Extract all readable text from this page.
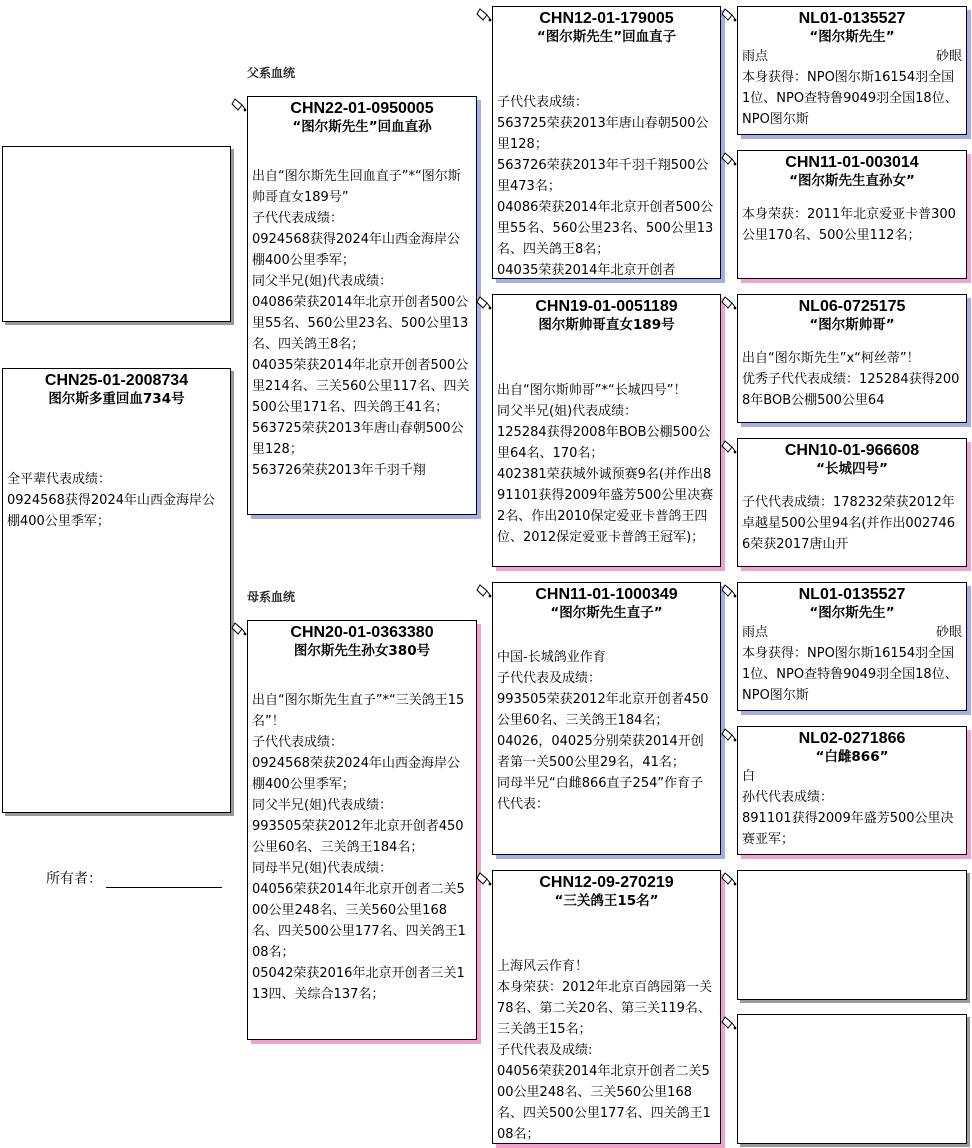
父系血统
母系血统
CHN25-01-2008734
图尔斯多重回血734号
全平辈代表成绩：
0924568获得2024年山西金海岸公棚400公里季军；
所有者：
CHN22-01-0950005
“图尔斯先生”回血直孙
出自“图尔斯先生回血直子”*“图尔斯帅哥直女189号”
子代代表成绩：
0924568获得2024年山西金海岸公棚400公里季军；
同父半兄(姐)代表成绩：
04086荣获2014年北京开创者500公里55名、560公里23名、500公里13名、四关鸽王8名；
04035荣获2014年北京开创者500公里214名、三关560公里117名、四关500公里171名、四关鸽王41名；
563725荣获2013年唐山春朝500公里128；
563726荣获2013年千羽千翔
CHN20-01-0363380
图尔斯先生孙女380号
出自“图尔斯先生直子”*“三关鸽王15名”！
子代代表成绩：
0924568荣获2024年山西金海岸公棚400公里季军；
同父半兄(姐)代表成绩：
993505荣获2012年北京开创者450公里60名、三关鸽王184名；
同母半兄(姐)代表成绩：
04056荣获2014年北京开创者二关500公里248名、三关560公里168名、四关500公里177名、四关鸽王108名；
05042荣获2016年北京开创者三关113四、关综合137名；
CHN12-01-179005
“图尔斯先生”回血直子
子代代表成绩：
563725荣获2013年唐山春朝500公里128；
563726荣获2013年千羽千翔500公里473名；
04086荣获2014年北京开创者500公里55名、560公里23名、500公里13名、四关鸽王8名；
04035荣获2014年北京开创者
CHN19-01-0051189
图尔斯帅哥直女189号
出自“图尔斯帅哥”*“长城四号”！
同父半兄(姐)代表成绩：
125284获得2008年BOB公棚500公里64名、170名；
402381荣获城外诚预赛9名(并作出891101获得2009年盛芳500公里决赛2名、作出2010保定爱亚卡普鸽王四位、2012保定爱亚卡普鸽王冠军)；
CHN11-01-1000349
“图尔斯先生直子”
中国-长城鸽业作育
子代代表及成绩：
993505荣获2012年北京开创者450公里60名、三关鸽王184名；
04026，04025分别荣获2014开创者第一关500公里29名，41名；
同母半兄“白雌866直子254”作育子代代表：
CHN12-09-270219
“三关鸽王15名”
上海风云作育！
本身荣获：2012年北京百鸽园第一关78名、第二关20名、第三关119名、三关鸽王15名；
子代代表及成绩:
04056荣获2014年北京开创者二关500公里248名、三关560公里168名、四关500公里177名、四关鸽王108名；
NL01-0135527
“图尔斯先生”
雨点	砂眼
本身获得：NPO图尔斯16154羽全国1位、NPO查特鲁9049羽全国18位、NPO图尔斯
CHN11-01-003014
“图尔斯先生直孙女”
本身荣获：2011年北京爱亚卡普300公里170名、500公里112名；
NL06-0725175
“图尔斯帅哥”
出自“图尔斯先生”x“柯丝蒂”！
优秀子代代表成绩：125284获得2008年BOB公棚500公里64
CHN10-01-966608
“长城四号”
子代代表成绩：178232荣获2012年卓越星500公里94名(并作出0027466荣获2017唐山开
NL01-0135527
“图尔斯先生”
雨点	砂眼
本身获得：NPO图尔斯16154羽全国1位、NPO查特鲁9049羽全国18位、NPO图尔斯
NL02-0271866
“白雌866”
白
孙代代表成绩：
891101获得2009年盛芳500公里决赛亚军；
